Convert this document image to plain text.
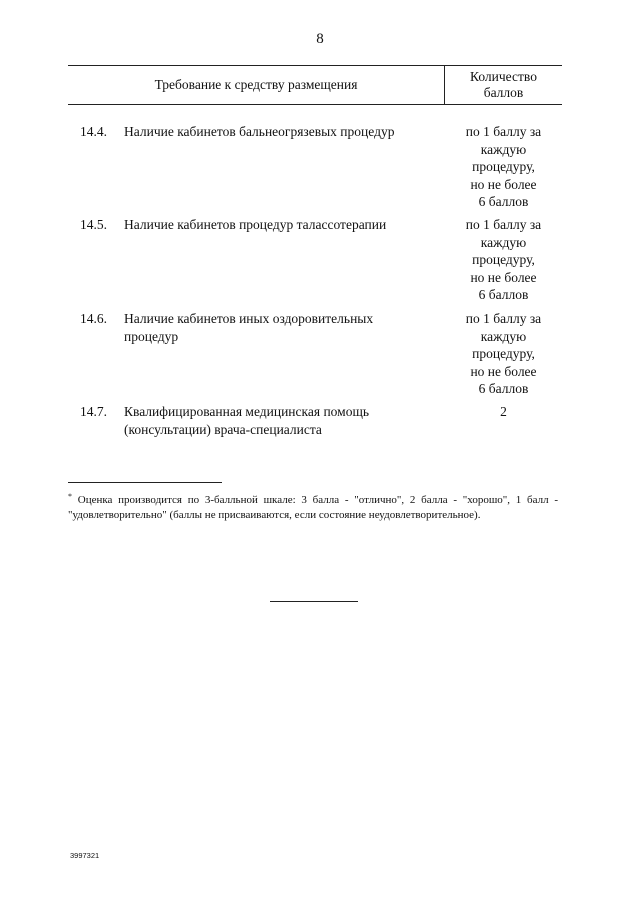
8
Требование к средству размещения
Количество
баллов
14.4. Наличие кабинетов бальнеогрязевых процедур	по 1 баллу за
каждую
процедуру,
но не более
6 баллов
14.5. Наличие кабинетов процедур талассотерапии	по 1 баллу за
каждую
процедуру,
но не более
6 баллов
14.6. Наличие кабинетов иных оздоровительных процедур
по 1 баллу за
каждую
процедуру,
но не более
6 баллов
14.7. Квалифицированная медицинская помощь (консультации) врача-специалиста
2
* Оценка производится по 3-балльной шкале: 3 балла - "отлично", 2 балла - "хорошо", 1 балл - "удовлетворительно" (баллы не присваиваются, если состояние неудовлетворительное).
3997321
